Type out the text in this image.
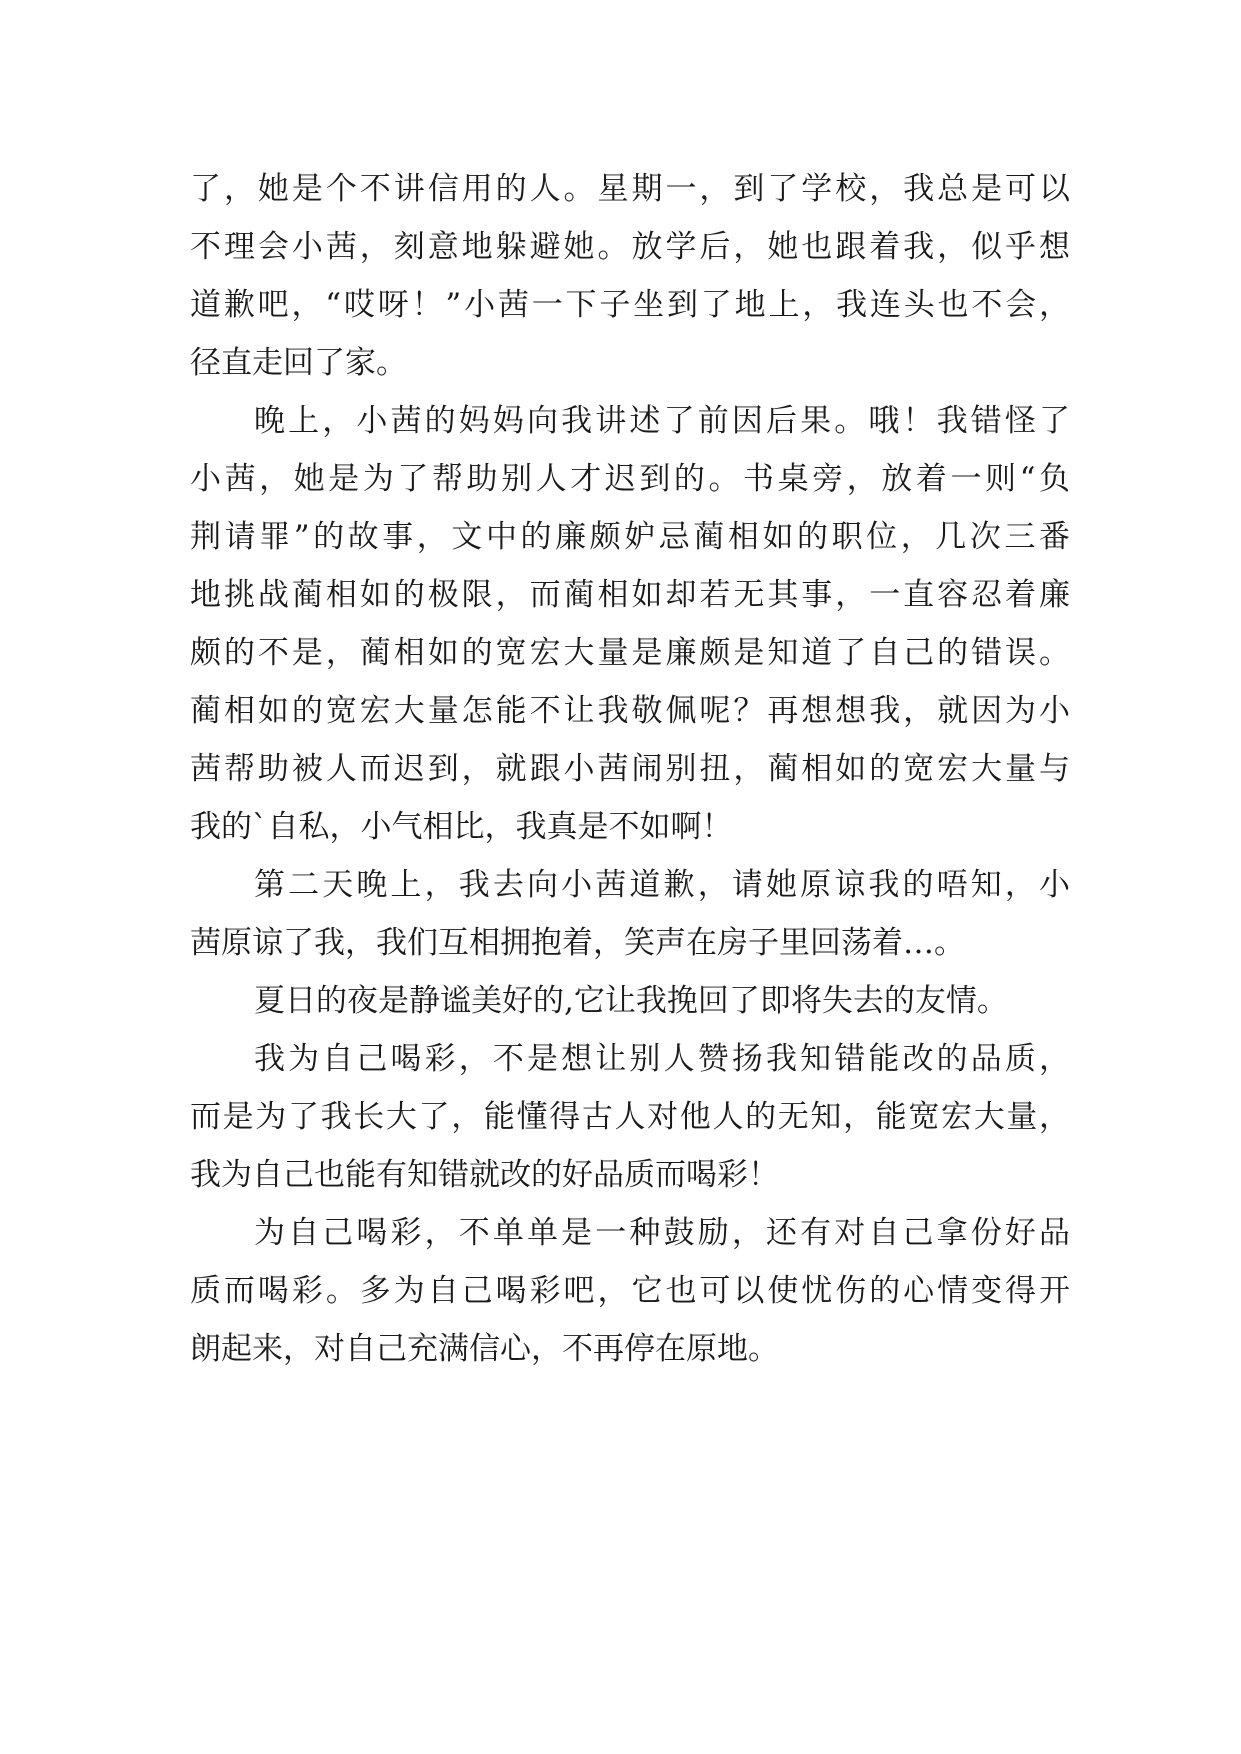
了，她是个不讲信用的人。星期一，到了学校，我总是可以
不理会小茜，刻意地躲避她。放学后，她也跟着我，似乎想
道歉吧，“哎呀！”小茜一下子坐到了地上，我连头也不会，
径直走回了家。
晚上，小茜的妈妈向我讲述了前因后果。哦！我错怪了
小茜，她是为了帮助别人才迟到的。书桌旁，放着一则“负
荆请罪”的故事，文中的廉颇妒忌蔺相如的职位，几次三番
地挑战蔺相如的极限，而蔺相如却若无其事，一直容忍着廉
颇的不是，蔺相如的宽宏大量是廉颇是知道了自己的错误。
蔺相如的宽宏大量怎能不让我敬佩呢？再想想我，就因为小
茜帮助被人而迟到，就跟小茜闹别扭，蔺相如的宽宏大量与
我的`自私，小气相比，我真是不如啊！
第二天晚上，我去向小茜道歉，请她原谅我的唔知，小
茜原谅了我，我们互相拥抱着，笑声在房子里回荡着…。
夏日的夜是静谧美好的,它让我挽回了即将失去的友情。
我为自己喝彩，不是想让别人赞扬我知错能改的品质，
而是为了我长大了，能懂得古人对他人的无知，能宽宏大量，
我为自己也能有知错就改的好品质而喝彩！
为自己喝彩，不单单是一种鼓励，还有对自己拿份好品
质而喝彩。多为自己喝彩吧，它也可以使忧伤的心情变得开
朗起来，对自己充满信心，不再停在原地。
